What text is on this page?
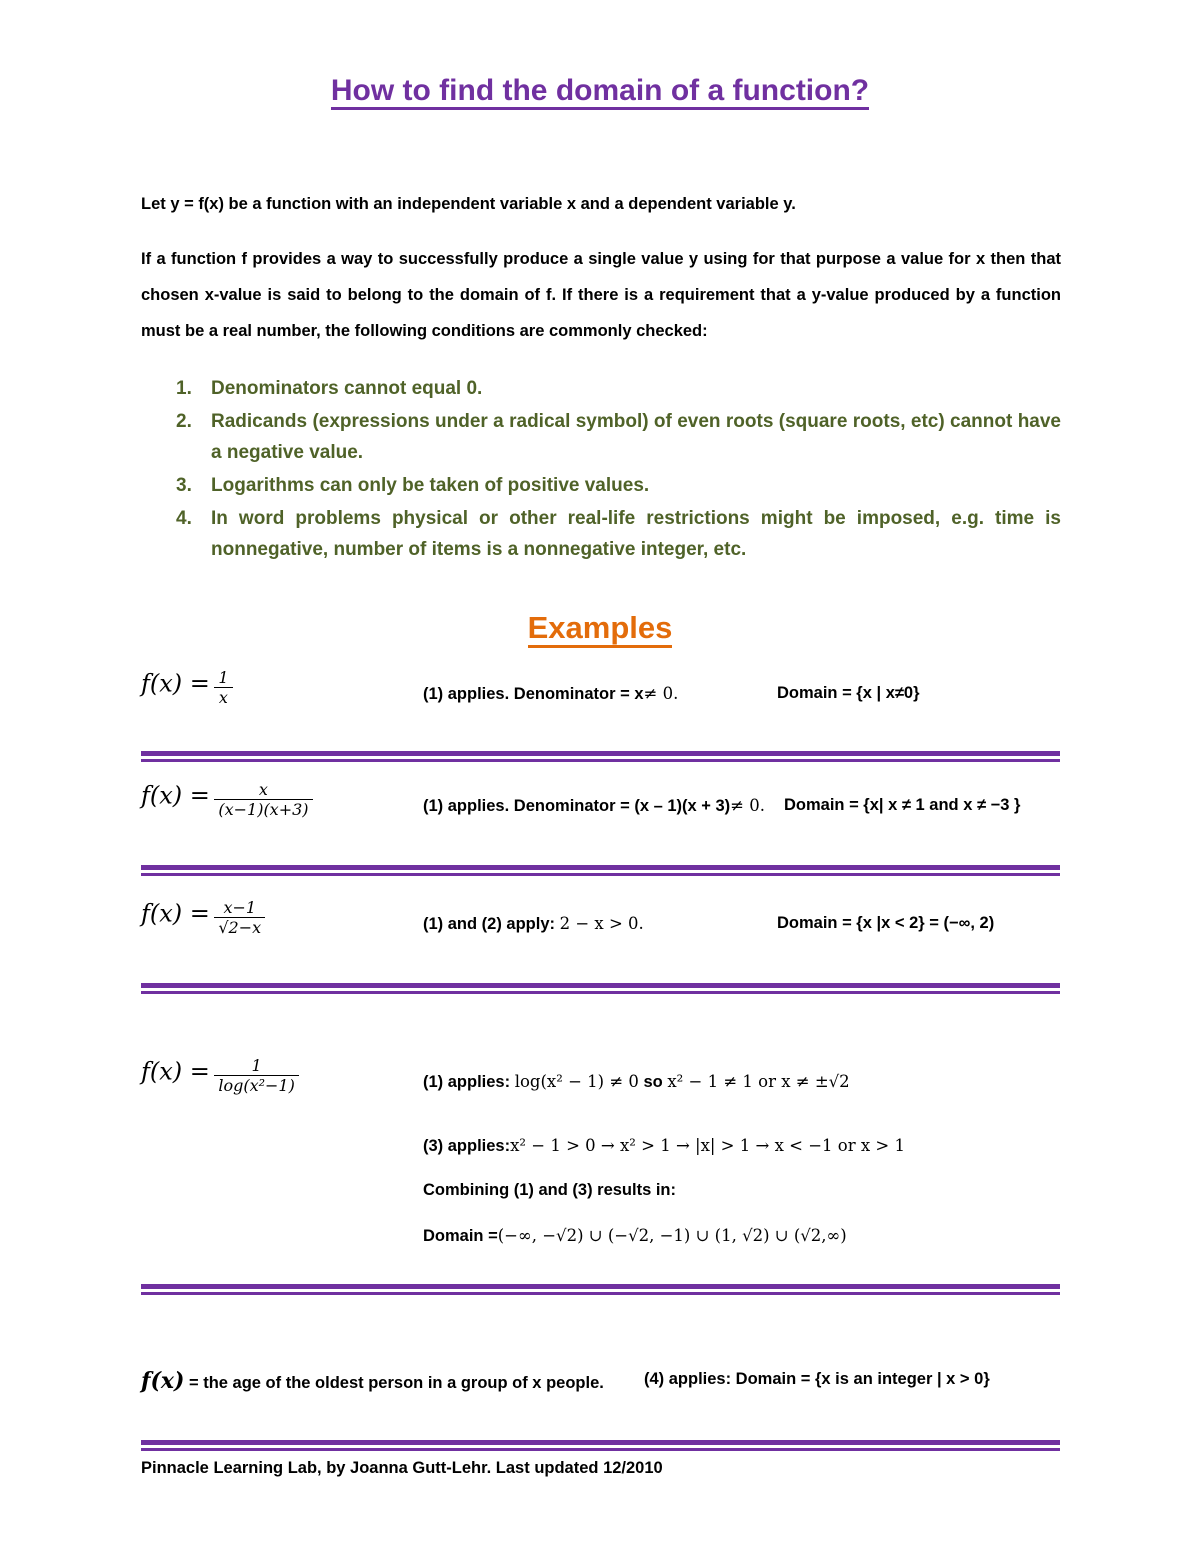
How to find the domain of a function?
Let y = f(x) be a function with an independent variable x and a dependent variable y.
If a function f provides a way to successfully produce a single value y using for that purpose a value for x then that chosen x-value is said to belong to the domain of f. If there is a requirement that a y-value produced by a function must be a real number, the following conditions are commonly checked:
1. Denominators cannot equal 0.
2. Radicands (expressions under a radical symbol) of even roots (square roots, etc) cannot have a negative value.
3. Logarithms can only be taken of positive values.
4. In word problems physical or other real-life restrictions might be imposed, e.g. time is nonnegative, number of items is a nonnegative integer, etc.
Examples
$f(x) = \frac{1}{x}$	(1) applies. Denominator = x≠ 0.	Domain = {x | x≠0}
$f(x) = \frac{x}{(x-1)(x+3)}$	(1) applies. Denominator = (x – 1)(x + 3)≠ 0. Domain = {x| x ≠ 1 and x ≠ −3 }
$f(x) = \frac{x-1}{√2-x}$	(1) and (2) apply: 2 − x > 0.	Domain = {x |x < 2} = (−∞, 2)
$f(x) = \frac{1}{\text{log(x²−1)}}$	(1) applies: log(x² − 1) ≠ 0 so x² − 1 ≠ 1 or x ≠ ±√2
(3) applies:x² − 1 > 0 → x² > 1 → |x| > 1 → x < −1 or x > 1
Combining (1) and (3) results in:
Domain =(−∞, −√2) ∪ (−√2, −1) ∪ (1, √2) ∪ (√2,∞)
f(x) = the age of the oldest person in a group of x people. (4) applies: Domain = {x is an integer | x > 0}
Pinnacle Learning Lab, by Joanna Gutt-Lehr. Last updated 12/2010
